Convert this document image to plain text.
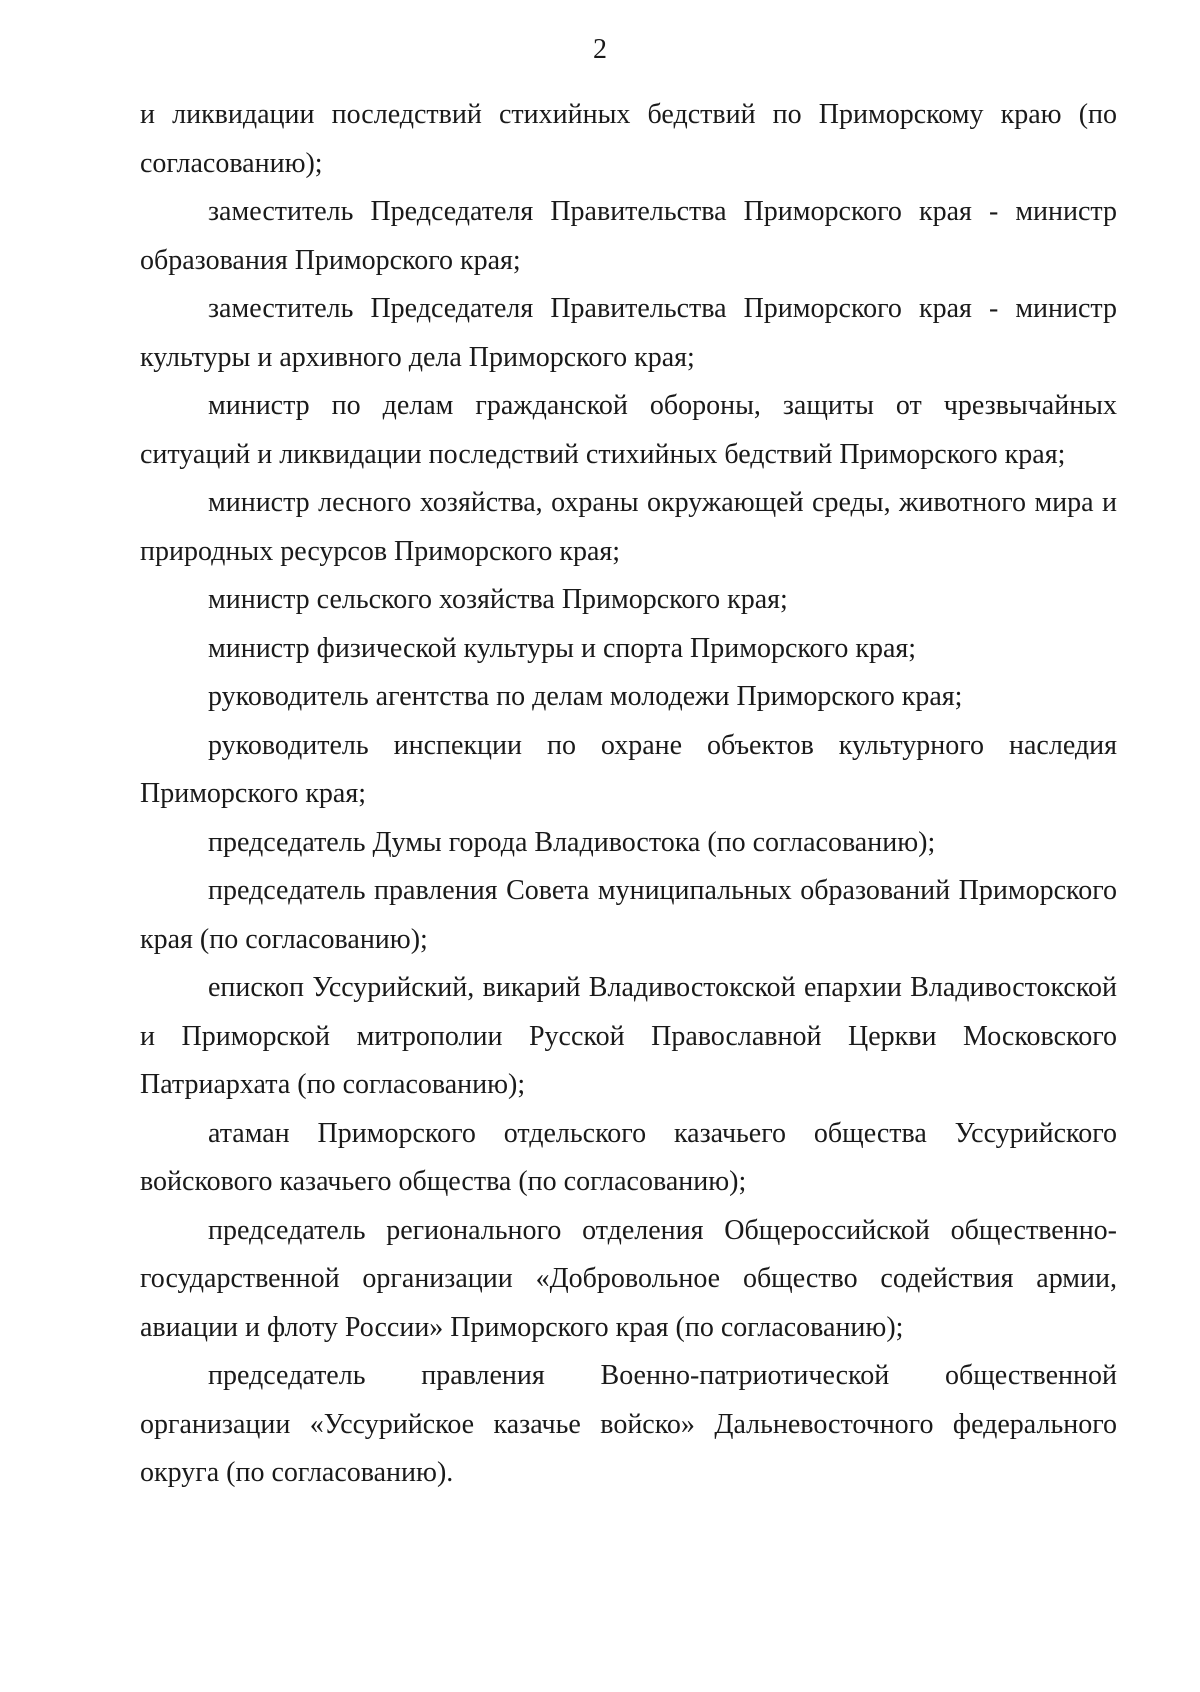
2

и ликвидации последствий стихийных бедствий по Приморскому краю (по согласованию);

заместитель Председателя Правительства Приморского края - министр образования Приморского края;

заместитель Председателя Правительства Приморского края - министр культуры и архивного дела Приморского края;

министр по делам гражданской обороны, защиты от чрезвычайных ситуаций и ликвидации последствий стихийных бедствий Приморского края;

министр лесного хозяйства, охраны окружающей среды, животного мира и природных ресурсов Приморского края;

министр сельского хозяйства Приморского края;

министр физической культуры и спорта Приморского края;

руководитель агентства по делам молодежи Приморского края;

руководитель инспекции по охране объектов культурного наследия Приморского края;

председатель Думы города Владивостока (по согласованию);

председатель правления Совета муниципальных образований Приморского края (по согласованию);

епископ Уссурийский, викарий Владивостокской епархии Владивостокской и Приморской митрополии Русской Православной Церкви Московского Патриархата (по согласованию);

атаман Приморского отдельского казачьего общества Уссурийского войскового казачьего общества (по согласованию);

председатель регионального отделения Общероссийской общественно-государственной организации «Добровольное общество содействия армии, авиации и флоту России» Приморского края (по согласованию);

председатель правления Военно-патриотической общественной организации «Уссурийское казачье войско» Дальневосточного федерального округа (по согласованию).
